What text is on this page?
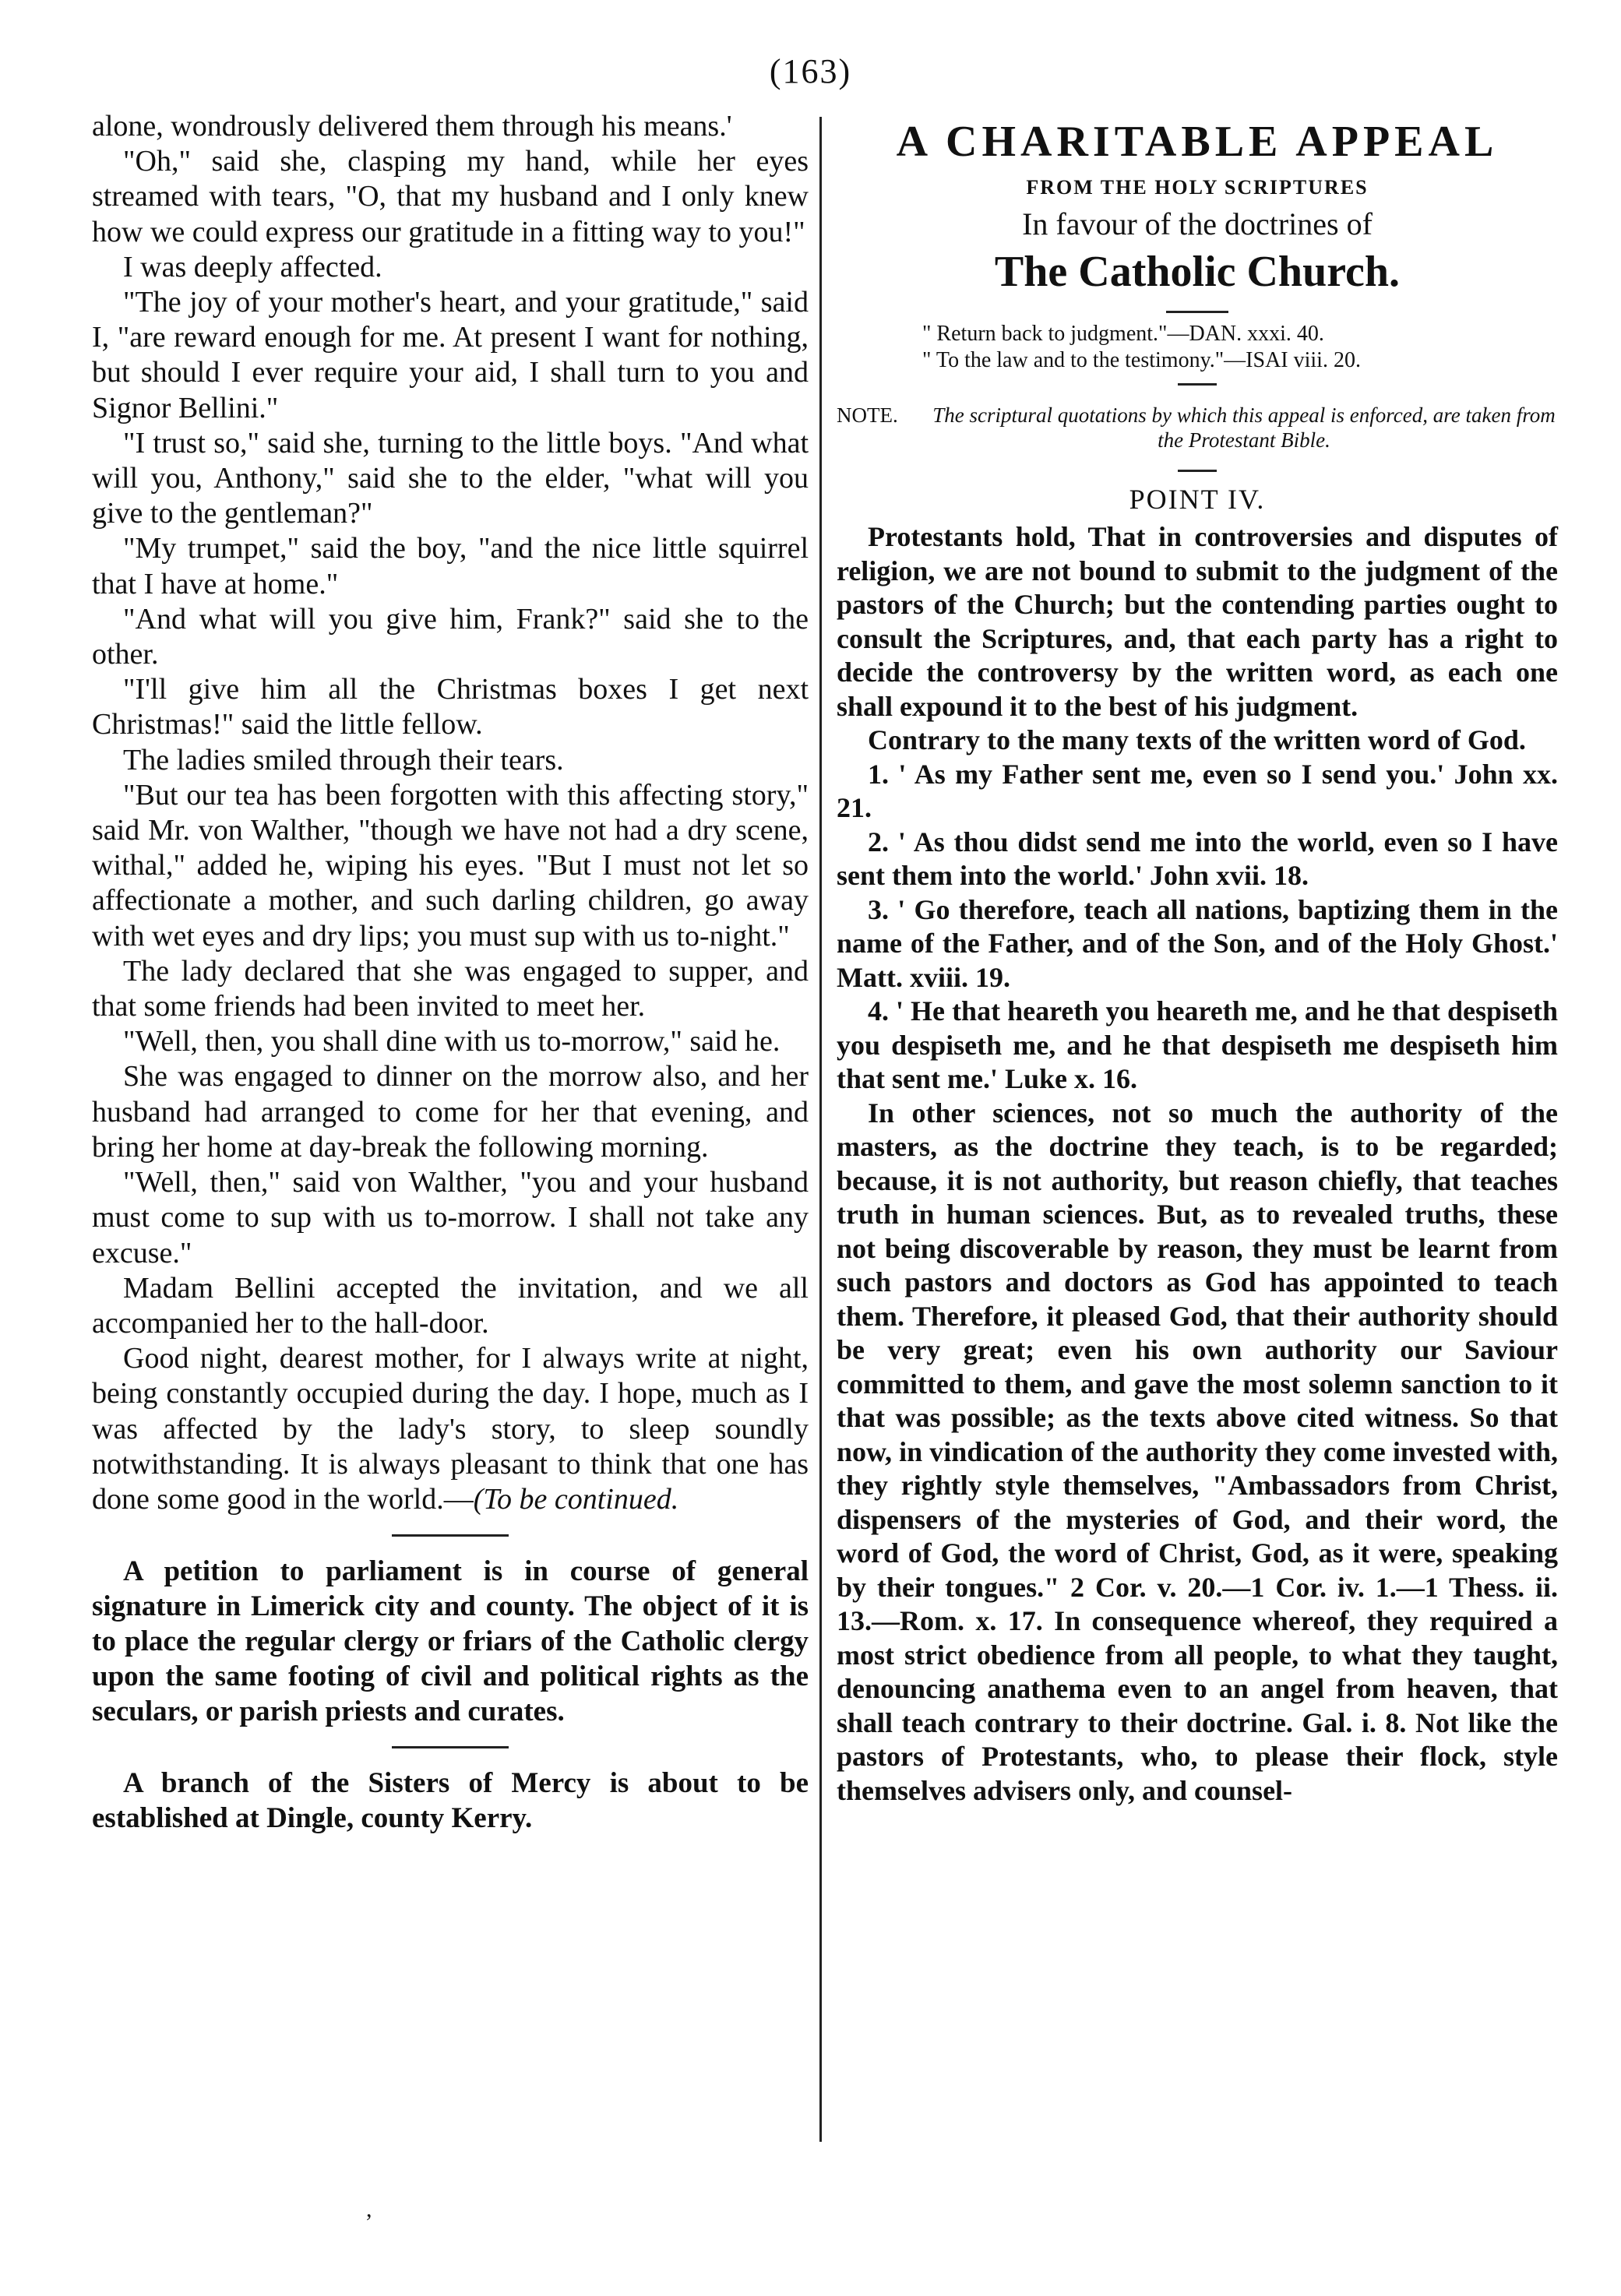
(163)

alone, wondrously delivered them through his means.'

"Oh," said she, clasping my hand, while her eyes streamed with tears, "O, that my husband and I only knew how we could express our gratitude in a fitting way to you!"

I was deeply affected.

"The joy of your mother's heart, and your gratitude," said I, "are reward enough for me. At present I want for nothing, but should I ever require your aid, I shall turn to you and Signor Bellini."

"I trust so," said she, turning to the little boys. "And what will you, Anthony," said she to the elder, "what will you give to the gentleman?"

"My trumpet," said the boy, "and the nice little squirrel that I have at home."

"And what will you give him, Frank?" said she to the other.

"I'll give him all the Christmas boxes I get next Christmas!" said the little fellow.

The ladies smiled through their tears.

"But our tea has been forgotten with this affecting story," said Mr. von Walther, "though we have not had a dry scene, withal," added he, wiping his eyes. "But I must not let so affectionate a mother, and such darling children, go away with wet eyes and dry lips; you must sup with us to-night."

The lady declared that she was engaged to supper, and that some friends had been invited to meet her.

"Well, then, you shall dine with us to-morrow," said he.

She was engaged to dinner on the morrow also, and her husband had arranged to come for her that evening, and bring her home at day-break the following morning.

"Well, then," said von Walther, "you and your husband must come to sup with us to-morrow. I shall not take any excuse."

Madam Bellini accepted the invitation, and we all accompanied her to the hall-door.

Good night, dearest mother, for I always write at night, being constantly occupied during the day. I hope, much as I was affected by the lady's story, to sleep soundly notwithstanding. It is always pleasant to think that one has done some good in the world.—(To be continued.

A petition to parliament is in course of general signature in Limerick city and county. The object of it is to place the regular clergy or friars of the Catholic clergy upon the same footing of civil and political rights as the seculars, or parish priests and curates.

A branch of the Sisters of Mercy is about to be established at Dingle, county Kerry.

A CHARITABLE APPEAL
FROM THE HOLY SCRIPTURES
In favour of the doctrines of
The Catholic Church.
" Return back to judgment."—DAN. xxxi. 40.
" To the law and to the testimony."—ISAI viii. 20.
NOTE.	The scriptural quotations by which this appeal is enforced, are taken from the Protestant Bible.
POINT IV.

Protestants hold, That in controversies and disputes of religion, we are not bound to submit to the judgment of the pastors of the Church; but the contending parties ought to consult the Scriptures, and, that each party has a right to decide the controversy by the written word, as each one shall expound it to the best of his judgment.

Contrary to the many texts of the written word of God.

1. ' As my Father sent me, even so I send you.' John xx. 21.

2. ' As thou didst send me into the world, even so I have sent them into the world.' John xvii. 18.

3. ' Go therefore, teach all nations, baptizing them in the name of the Father, and of the Son, and of the Holy Ghost.' Matt. xviii. 19.

4. ' He that heareth you heareth me, and he that despiseth you despiseth me, and he that despiseth me despiseth him that sent me.' Luke x. 16.

In other sciences, not so much the authority of the masters, as the doctrine they teach, is to be regarded; because, it is not authority, but reason chiefly, that teaches truth in human sciences. But, as to revealed truths, these not being discoverable by reason, they must be learnt from such pastors and doctors as God has appointed to teach them. Therefore, it pleased God, that their authority should be very great; even his own authority our Saviour committed to them, and gave the most solemn sanction to it that was possible; as the texts above cited witness. So that now, in vindication of the authority they come invested with, they rightly style themselves, "Ambassadors from Christ, dispensers of the mysteries of God, and their word, the word of God, the word of Christ, God, as it were, speaking by their tongues." 2 Cor. v. 20.—1 Cor. iv. 1.—1 Thess. ii. 13.—Rom. x. 17. In consequence whereof, they required a most strict obedience from all people, to what they taught, denouncing anathema even to an angel from heaven, that shall teach contrary to their doctrine. Gal. i. 8. Not like the pastors of Protestants, who, to please their flock, style themselves advisers only, and counsel-

,
